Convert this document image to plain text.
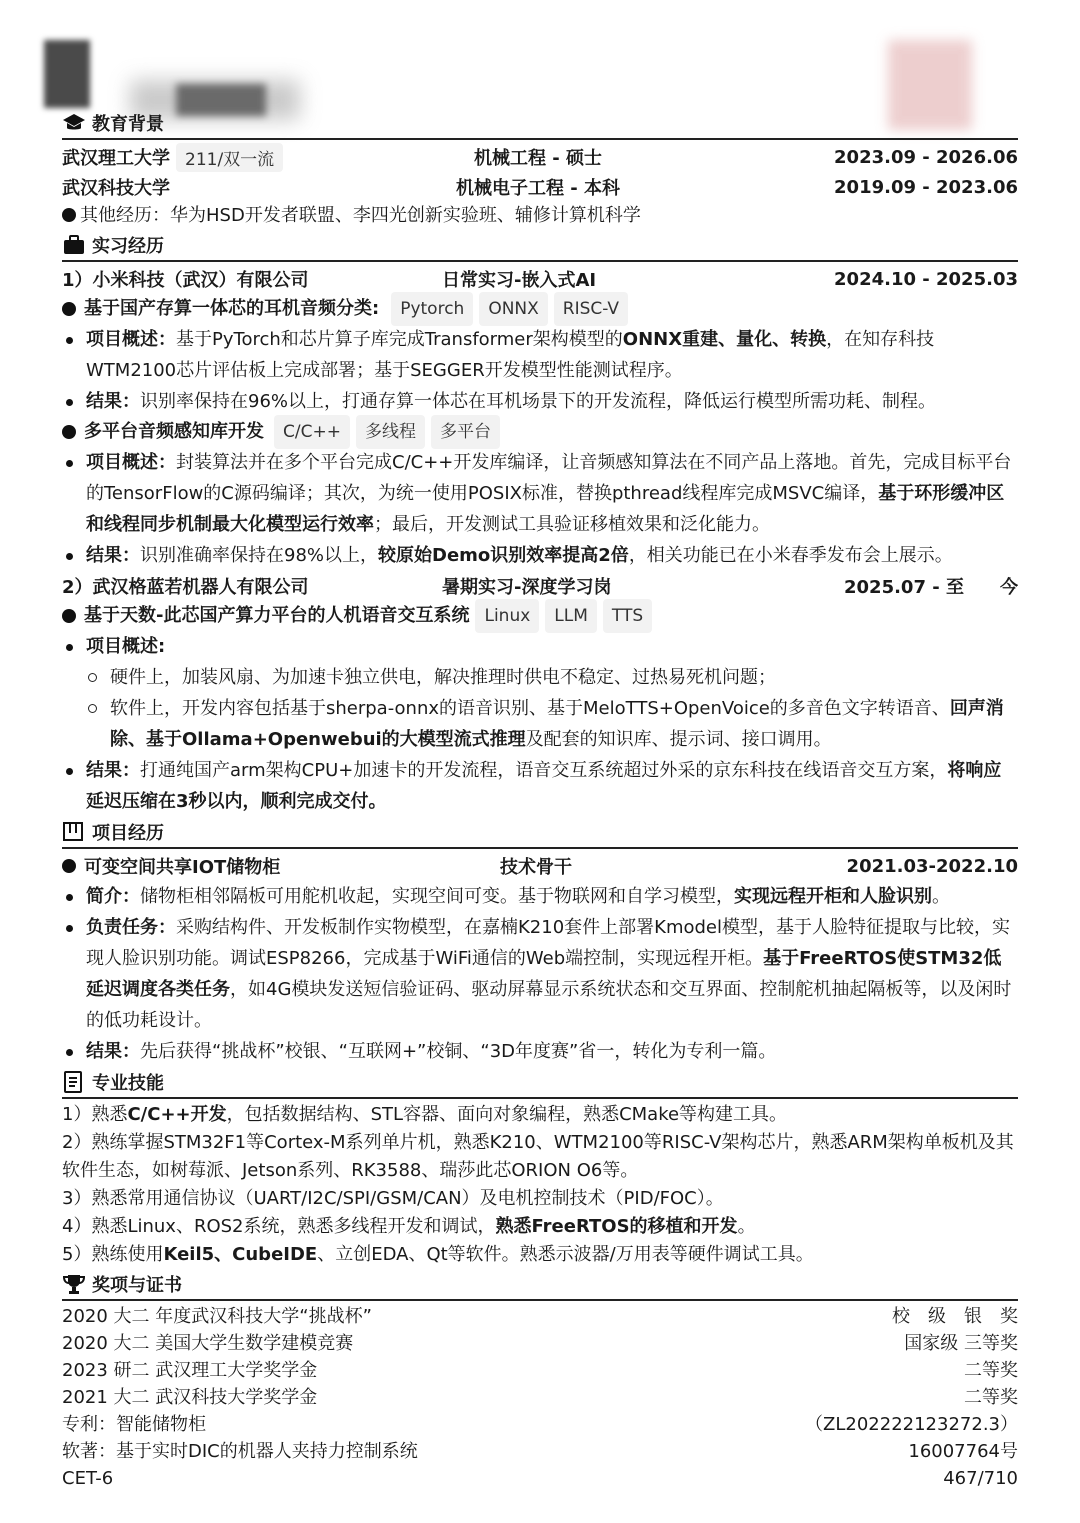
教育背景
武汉理工大学 211/双一流	机械工程 - 硕士	2023.09 - 2026.06
武汉科技大学	机械电子工程 - 本科	2019.09 - 2023.06
其他经历：华为HSD开发者联盟、李四光创新实验班、辅修计算机科学
实习经历
1）小米科技（武汉）有限公司	日常实习-嵌入式AI	2024.10 - 2025.03
基于国产存算一体芯的耳机音频分类:	Pytorch	ONNX	RISC-V
项目概述：基于PyTorch和芯片算子库完成Transformer架构模型的ONNX重建、量化、转换，在知存科技WTM2100芯片评估板上完成部署；基于SEGGER开发模型性能测试程序。
结果：识别率保持在96%以上，打通存算一体芯在耳机场景下的开发流程，降低运行模型所需功耗、制程。
多平台音频感知库开发	C/C++	多线程	多平台
项目概述：封装算法并在多个平台完成C/C++开发库编译，让音频感知算法在不同产品上落地。首先，完成目标平台的TensorFlow的C源码编译；其次，为统一使用POSIX标准，替换pthread线程库完成MSVC编译，基于环形缓冲区和线程同步机制最大化模型运行效率；最后，开发测试工具验证移植效果和泛化能力。
结果：识别准确率保持在98%以上，较原始Demo识别效率提高2倍，相关功能已在小米春季发布会上展示。
2）武汉格蓝若机器人有限公司	暑期实习-深度学习岗	2025.07 - 至　　今
基于天数-此芯国产算力平台的人机语音交互系统 Linux	LLM	TTS
项目概述:
硬件上，加装风扇、为加速卡独立供电，解决推理时供电不稳定、过热易死机问题；
软件上，开发内容包括基于sherpa-onnx的语音识别、基于MeloTTS+OpenVoice的多音色文字转语音、回声消除、基于Ollama+Openwebui的大模型流式推理及配套的知识库、提示词、接口调用。
结果：打通纯国产arm架构CPU+加速卡的开发流程，语音交互系统超过外采的京东科技在线语音交互方案，将响应延迟压缩在3秒以内，顺利完成交付。
项目经历
可变空间共享IOT储物柜	技术骨干	2021.03-2022.10
简介：储物柜相邻隔板可用舵机收起，实现空间可变。基于物联网和自学习模型，实现远程开柜和人脸识别。
负责任务：采购结构件、开发板制作实物模型，在嘉楠K210套件上部署Kmodel模型，基于人脸特征提取与比较，实现人脸识别功能。调试ESP8266，完成基于WiFi通信的Web端控制，实现远程开柜。基于FreeRTOS使STM32低延迟调度各类任务，如4G模块发送短信验证码、驱动屏幕显示系统状态和交互界面、控制舵机抽起隔板等，以及闲时的低功耗设计。
结果：先后获得“挑战杯”校银、“互联网+”校铜、“3D年度赛”省一，转化为专利一篇。
专业技能
1）熟悉C/C++开发，包括数据结构、STL容器、面向对象编程，熟悉CMake等构建工具。
2）熟练掌握STM32F1等Cortex-M系列单片机，熟悉K210、WTM2100等RISC-V架构芯片，熟悉ARM架构单板机及其软件生态，如树莓派、Jetson系列、RK3588、瑞莎此芯ORION O6等。
3）熟悉常用通信协议（UART/I2C/SPI/GSM/CAN）及电机控制技术（PID/FOC）。
4）熟悉Linux、ROS2系统，熟悉多线程开发和调试，熟悉FreeRTOS的移植和开发。
5）熟练使用Keil5、CubeIDE、立创EDA、Qt等软件。熟悉示波器/万用表等硬件调试工具。
奖项与证书
2020 大二 年度武汉科技大学“挑战杯”	校　级　银　奖
2020 大二 美国大学生数学建模竞赛	国家级 三等奖
2023 研二 武汉理工大学奖学金	二等奖
2021 大二 武汉科技大学奖学金	二等奖
专利：智能储物柜	（ZL202222123272.3）
软著：基于实时DIC的机器人夹持力控制系统	16007764号
CET-6	467/710
